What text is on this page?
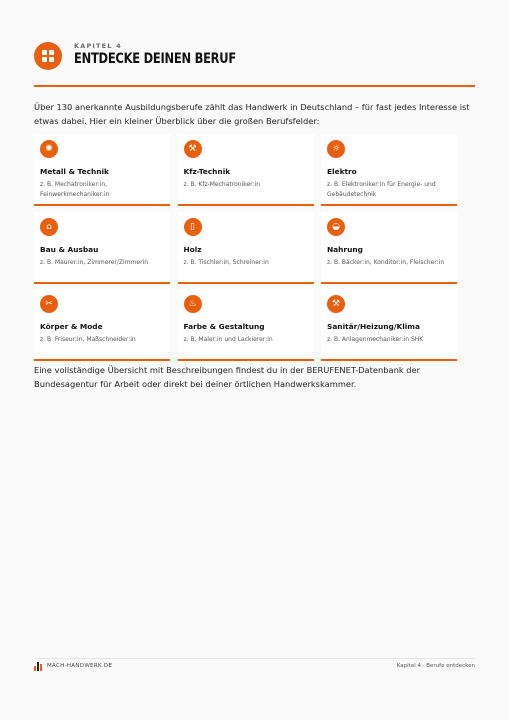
KAPITEL 4
ENTDECKE DEINEN BERUF

Über 130 anerkannte Ausbildungsberufe zählt das Handwerk in Deutschland – für fast jedes Interesse ist etwas dabei. Hier ein kleiner Überblick über die großen Berufsfelder:

✺
Metall & Technik
z. B. Mechatroniker:in, Feinwerkmechaniker:in
⚒
Kfz-Technik
z. B. Kfz-Mechatroniker:in
☼
Elektro
z. B. Elektroniker:in für Energie- und Gebäudetechnik
⌂
Bau & Ausbau
z. B. Maurer:in, Zimmerer/Zimmerin
▯
Holz
z. B. Tischler:in, Schreiner:in
◒
Nahrung
z. B. Bäcker:in, Konditor:in, Fleischer:in
✂
Körper & Mode
z. B. Friseur:in, Maßschneider:in
♨
Farbe & Gestaltung
z. B. Maler:in und Lackierer:in
⚒
Sanitär/Heizung/Klima
z. B. Anlagenmechaniker:in SHK

Eine vollständige Übersicht mit Beschreibungen findest du in der BERUFENET-Datenbank der Bundesagentur für Arbeit oder direkt bei deiner örtlichen Handwerkskammer.

MACH-HANDWERK.DE	Kapitel 4 · Berufe entdecken
